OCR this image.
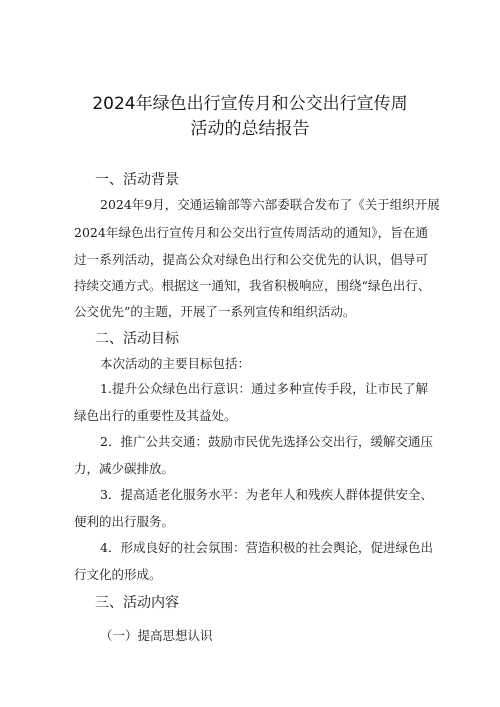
2024年绿色出行宣传月和公交出行宣传周
活动的总结报告
一、活动背景
2024年9月，交通运输部等六部委联合发布了《关于组织开展
2024年绿色出行宣传月和公交出行宣传周活动的通知》，旨在通
过一系列活动，提高公众对绿色出行和公交优先的认识，倡导可
持续交通方式。根据这一通知，我省积极响应，围绕“绿色出行、
公交优先”的主题，开展了一系列宣传和组织活动。
二、活动目标
本次活动的主要目标包括：
1.提升公众绿色出行意识：通过多种宣传手段，让市民了解
绿色出行的重要性及其益处。
2．推广公共交通：鼓励市民优先选择公交出行，缓解交通压
力，减少碳排放。
3．提高适老化服务水平：为老年人和残疾人群体提供安全、
便利的出行服务。
4．形成良好的社会氛围：营造积极的社会舆论，促进绿色出
行文化的形成。
三、活动内容
（一）提高思想认识
